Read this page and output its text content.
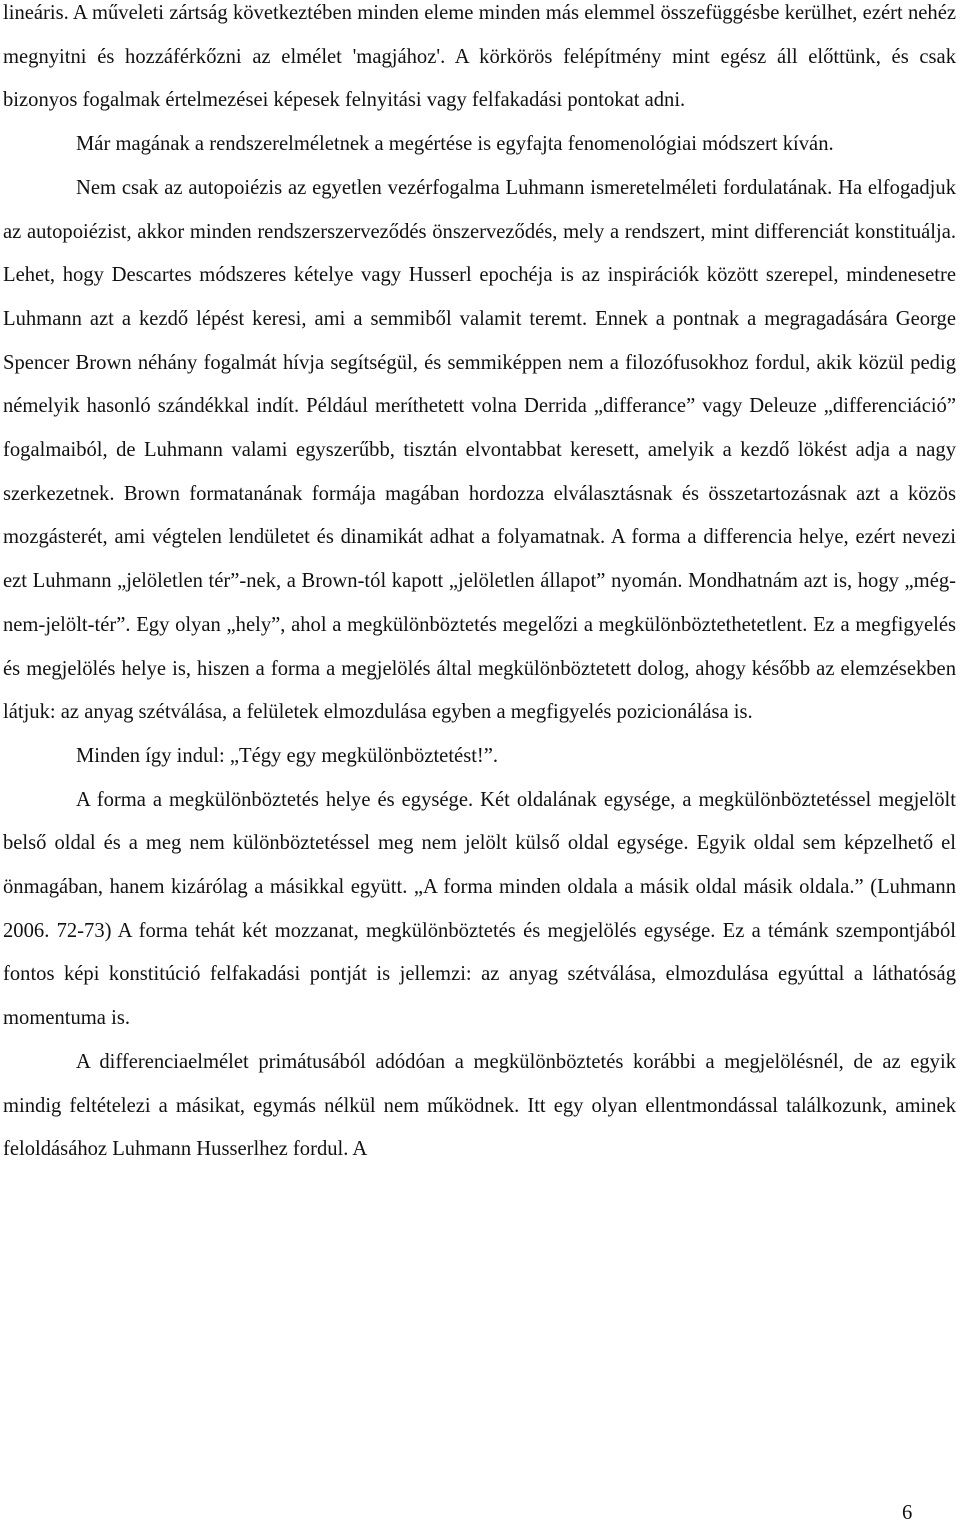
lineáris. A műveleti zártság következtében minden eleme minden más elemmel összefüggésbe kerülhet, ezért nehéz megnyitni és hozzáférkőzni az elmélet 'magjához'. A körkörös felépítmény mint egész áll előttünk, és csak bizonyos fogalmak értelmezései képesek felnyitási vagy felfakadási pontokat adni.

Már magának a rendszerelméletnek a megértése is egyfajta fenomenológiai módszert kíván.

Nem csak az autopoiézis az egyetlen vezérfogalma Luhmann ismeretelméleti fordulatának. Ha elfogadjuk az autopoiézist, akkor minden rendszerszerveződés önszerveződés, mely a rendszert, mint differenciát konstituálja. Lehet, hogy Descartes módszeres kételye vagy Husserl epochéja is az inspirációk között szerepel, mindenesetre Luhmann azt a kezdő lépést keresi, ami a semmiből valamit teremt. Ennek a pontnak a megragadására George Spencer Brown néhány fogalmát hívja segítségül, és semmiképpen nem a filozófusokhoz fordul, akik közül pedig némelyik hasonló szándékkal indít. Például meríthetett volna Derrida „differance” vagy Deleuze „differenciáció” fogalmaiból, de Luhmann valami egyszerűbb, tisztán elvontabbat keresett, amelyik a kezdő lökést adja a nagy szerkezetnek. Brown formatanának formája magában hordozza elválasztásnak és összetartozásnak azt a közös mozgásterét, ami végtelen lendületet és dinamikát adhat a folyamatnak. A forma a differencia helye, ezért nevezi ezt Luhmann „jelöletlen tér”-nek, a Brown-tól kapott „jelöletlen állapot” nyomán. Mondhatnám azt is, hogy „még-nem-jelölt-tér”. Egy olyan „hely”, ahol a megkülönböztetés megelőzi a megkülönböztethetetlent. Ez a megfigyelés és megjelölés helye is, hiszen a forma a megjelölés által megkülönböztetett dolog, ahogy később az elemzésekben látjuk: az anyag szétválása, a felületek elmozdulása egyben a megfigyelés pozicionálása is.

Minden így indul: „Tégy egy megkülönböztetést!”.

A forma a megkülönböztetés helye és egysége. Két oldalának egysége, a megkülönböztetéssel megjelölt belső oldal és a meg nem különböztetéssel meg nem jelölt külső oldal egysége. Egyik oldal sem képzelhető el önmagában, hanem kizárólag a másikkal együtt. „A forma minden oldala a másik oldal másik oldala.” (Luhmann 2006. 72-73) A forma tehát két mozzanat, megkülönböztetés és megjelölés egysége. Ez a témánk szempontjából fontos képi konstitúció felfakadási pontját is jellemzi: az anyag szétválása, elmozdulása egyúttal a láthatóság momentuma is.

A differenciaelmélet primátusából adódóan a megkülönböztetés korábbi a megjelölésnél, de az egyik mindig feltételezi a másikat, egymás nélkül nem működnek. Itt egy olyan ellentmondással találkozunk, aminek feloldásához Luhmann Husserlhez fordul. A

6
